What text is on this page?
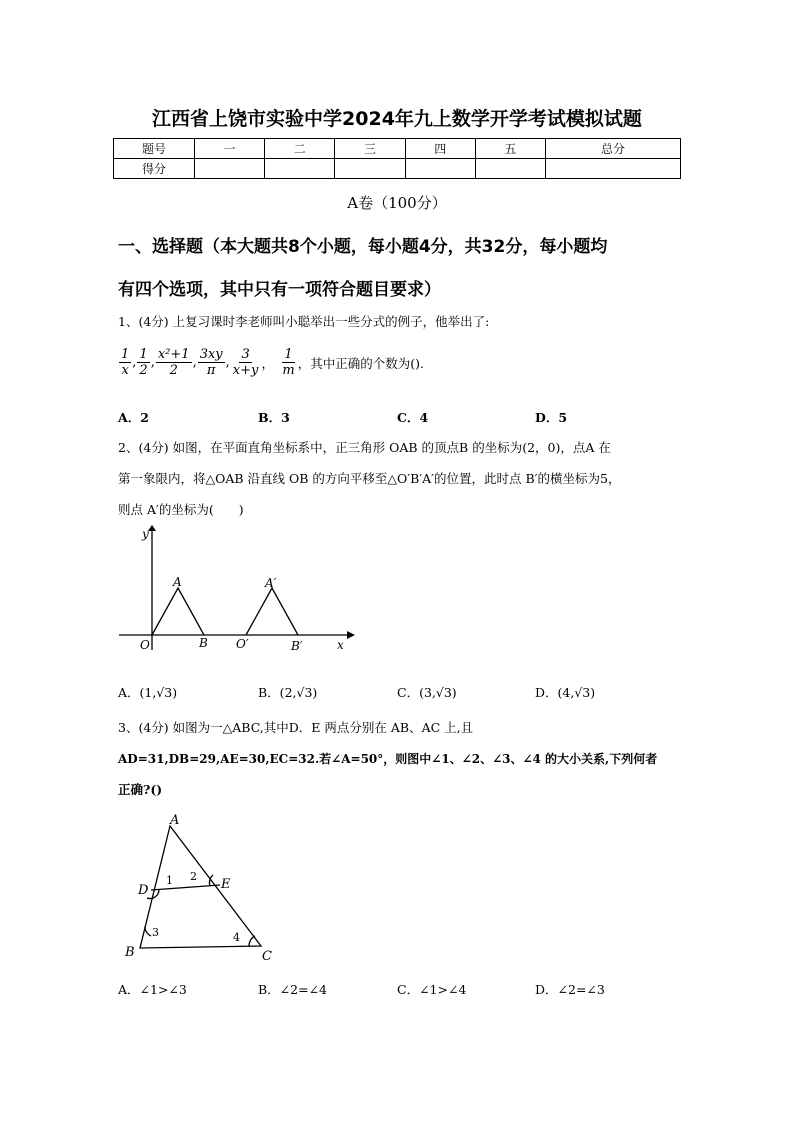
江西省上饶市实验中学2024年九上数学开学考试模拟试题
题号	一	二	三	四	五	总分
得分						
A卷（100分）
一、选择题（本大题共8个小题，每小题4分，共32分，每小题均
有四个选项，其中只有一项符合题目要求）
1、(4分) 上复习课时李老师叫小聪举出一些分式的例子，他举出了:
$\frac{1}{x}$ , $\frac{1}{2}$ , $\frac{\text{x²+1}}{2}$ , $\frac{3xy}{\pi}$ , $\frac{3}{x+y}$ ， $\frac{1}{m}$ ，其中正确的个数为().
A．2	B．3	C．4	D．5
2、(4分) 如图，在平面直角坐标系中，正三角形 OAB 的顶点B 的坐标为(2，0)，点A 在
第一象限内，将△OAB 沿直线 OB 的方向平移至△O′B′A′的位置，此时点 B′的横坐标为5，
则点 A′的坐标为(　　)
y
x
O
A
B O′
A′
B′
A．(1,√3)	B．(2,√3)	C．(3,√3)	D．(4,√3)
3、(4分) 如图为一△ABC,其中D．E 两点分别在 AB、AC 上,且
AD=31,DB=29,AE=30,EC=32.若∠A=50°，则图中∠1、∠2、∠3、∠4 的大小关系,下列何者
正确?()
A
B	C
D	E
1 2
3	4
A．∠1>∠3	B．∠2=∠4	C．∠1>∠4	D．∠2=∠3
